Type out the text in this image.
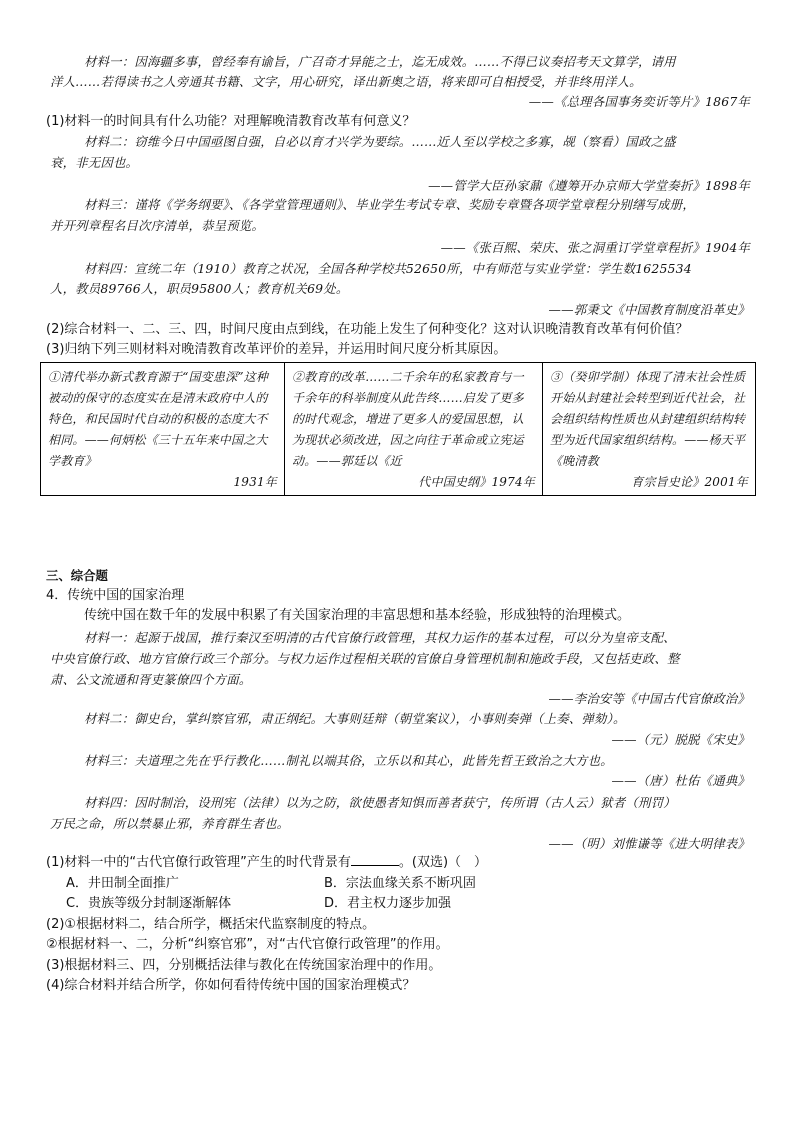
材料一：因海疆多事，曾经奉有谕旨，广召奇才异能之士，迄无成效。……不得已议奏招考天文算学，请用
洋人……若得读书之人旁通其书籍、文字，用心研究，译出新奥之语，将来即可自相授受，并非终用洋人。
——《总理各国事务奕䜣等片》1867年
(1)材料一的时间具有什么功能？对理解晚清教育改革有何意义？
材料二：窃维今日中国亟图自强，自必以育才兴学为要综。……近人至以学校之多寡，觇（察看）国政之盛
衰，非无因也。
——管学大臣孙家鼐《遵筹开办京师大学堂奏折》1898年
材料三：谨将《学务纲要》、《各学堂管理通则》、毕业学生考试专章、奖励专章暨各项学堂章程分别缮写成册，
并开列章程名目次序清单，恭呈预览。
——《张百熙、荣庆、张之洞重订学堂章程折》1904年
材料四：宣统二年（1910）教育之状况，全国各种学校共52650所，中有师范与实业学堂：学生数1625534
人，教员89766人，职员95800人；教育机关69处。
——郭秉文《中国教育制度沿革史》
(2)综合材料一、二、三、四，时间尺度由点到线，在功能上发生了何种变化？这对认识晚清教育改革有何价值？
(3)归纳下列三则材料对晚清教育改革评价的差异，并运用时间尺度分析其原因。
①清代举办新式教育源于“国变患深”这种被动的保守的态度实在是清末政府中人的特色，和民国时代自动的积极的态度大不相同。——何炳松《三十五年来中国之大学教育》
1931年
	②教育的改革……二千余年的私家教育与一千余年的科举制度从此告终……启发了更多的时代观念，增进了更多人的爱国思想，认为现状必须改进，因之向往于革命或立宪运动。——郭廷以《近
代中国史纲》1974年
	③（癸卯学制）体现了清末社会性质开始从封建社会转型到近代社会，社会组织结构性质也从封建组织结构转型为近代国家组织结构。——杨天平《晚清教
育宗旨史论》2001年
三、综合题
4．传统中国的国家治理
传统中国在数千年的发展中积累了有关国家治理的丰富思想和基本经验，形成独特的治理模式。
材料一：起源于战国，推行秦汉至明清的古代官僚行政管理，其权力运作的基本过程，可以分为皇帝支配、
中央官僚行政、地方官僚行政三个部分。与权力运作过程相关联的官僚自身管理机制和施政手段，又包括吏政、整
肃、公文流通和胥吏篆僚四个方面。
——李治安等《中国古代官僚政治》
材料二：御史台，掌纠察官邪，肃正纲纪。大事则廷辩（朝堂案议），小事则奏弹（上奏、弹劾）。
——（元）脱脱《宋史》
材料三：夫道理之先在乎行教化……制礼以端其俗，立乐以和其心，此皆先哲王致治之大方也。
——（唐）杜佑《通典》
材料四：因时制治，设刑宪（法律）以为之防，欲使愚者知惧而善者获宁，传所谓（古人云）狱者（刑罚）
万民之命，所以禁暴止邪，养育群生者也。
——（明）刘惟谦等《进大明律表》
(1)材料一中的“古代官僚行政管理”产生的时代背景有	。(双选)（　）
A．井田制全面推广	B．宗法血缘关系不断巩固
C．贵族等级分封制逐渐解体	D．君主权力逐步加强
(2)①根据材料二，结合所学，概括宋代监察制度的特点。
②根据材料一、二，分析“纠察官邪”，对“古代官僚行政管理”的作用。
(3)根据材料三、四，分别概括法律与教化在传统国家治理中的作用。
(4)综合材料并结合所学，你如何看待传统中国的国家治理模式？
